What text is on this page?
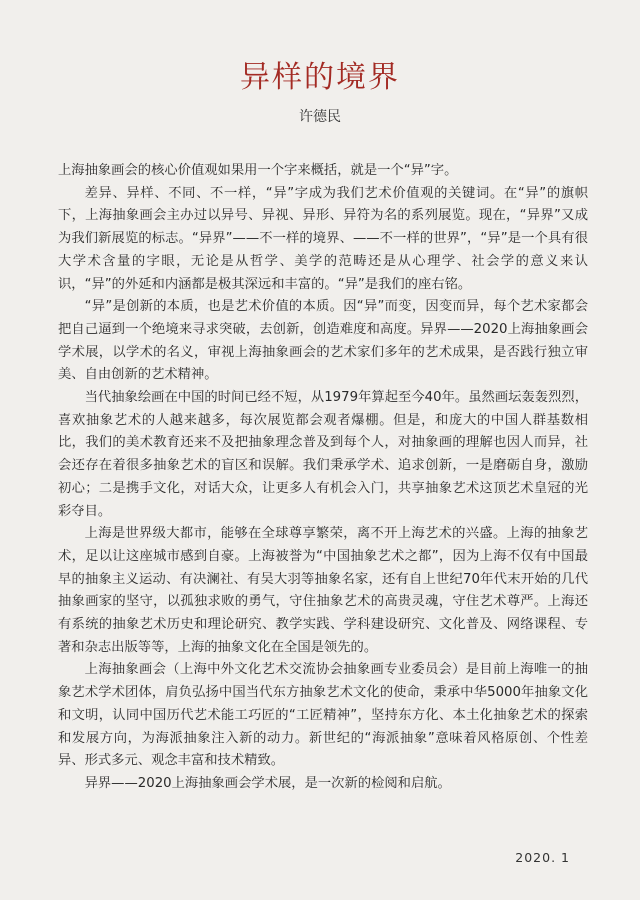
异样的境界
许德民

上海抽象画会的核心价值观如果用一个字来概括，就是一个“异”字。

差异、异样、不同、不一样，“异”字成为我们艺术价值观的关键词。在“异”的旗帜下，上海抽象画会主办过以异号、异视、异形、异符为名的系列展览。现在，“异界”又成为我们新展览的标志。“异界”——不一样的境界、——不一样的世界”，“异”是一个具有很大学术含量的字眼，无论是从哲学、美学的范畴还是从心理学、社会学的意义来认识，“异”的外延和内涵都是极其深远和丰富的。“异”是我们的座右铭。

“异”是创新的本质，也是艺术价值的本质。因“异”而变，因变而异，每个艺术家都会把自己逼到一个绝境来寻求突破，去创新，创造难度和高度。异界——2020上海抽象画会学术展，以学术的名义，审视上海抽象画会的艺术家们多年的艺术成果，是否践行独立审美、自由创新的艺术精神。

当代抽象绘画在中国的时间已经不短，从1979年算起至今40年。虽然画坛轰轰烈烈，喜欢抽象艺术的人越来越多，每次展览都会观者爆棚。但是，和庞大的中国人群基数相比，我们的美术教育还来不及把抽象理念普及到每个人，对抽象画的理解也因人而异，社会还存在着很多抽象艺术的盲区和误解。我们秉承学术、追求创新，一是磨砺自身，激励初心；二是携手文化，对话大众，让更多人有机会入门，共享抽象艺术这顶艺术皇冠的光彩夺目。

上海是世界级大都市，能够在全球尊享繁荣，离不开上海艺术的兴盛。上海的抽象艺术，足以让这座城市感到自豪。上海被誉为“中国抽象艺术之都”，因为上海不仅有中国最早的抽象主义运动、有决澜社、有吴大羽等抽象名家，还有自上世纪70年代末开始的几代抽象画家的坚守，以孤独求败的勇气，守住抽象艺术的高贵灵魂，守住艺术尊严。上海还有系统的抽象艺术历史和理论研究、教学实践、学科建设研究、文化普及、网络课程、专著和杂志出版等等，上海的抽象文化在全国是领先的。

上海抽象画会（上海中外文化艺术交流协会抽象画专业委员会）是目前上海唯一的抽象艺术学术团体，肩负弘扬中国当代东方抽象艺术文化的使命，秉承中华5000年抽象文化和文明，认同中国历代艺术能工巧匠的“工匠精神”，坚持东方化、本土化抽象艺术的探索和发展方向，为海派抽象注入新的动力。新世纪的“海派抽象”意味着风格原创、个性差异、形式多元、观念丰富和技术精致。

异界——2020上海抽象画会学术展，是一次新的检阅和启航。

2020. 1
